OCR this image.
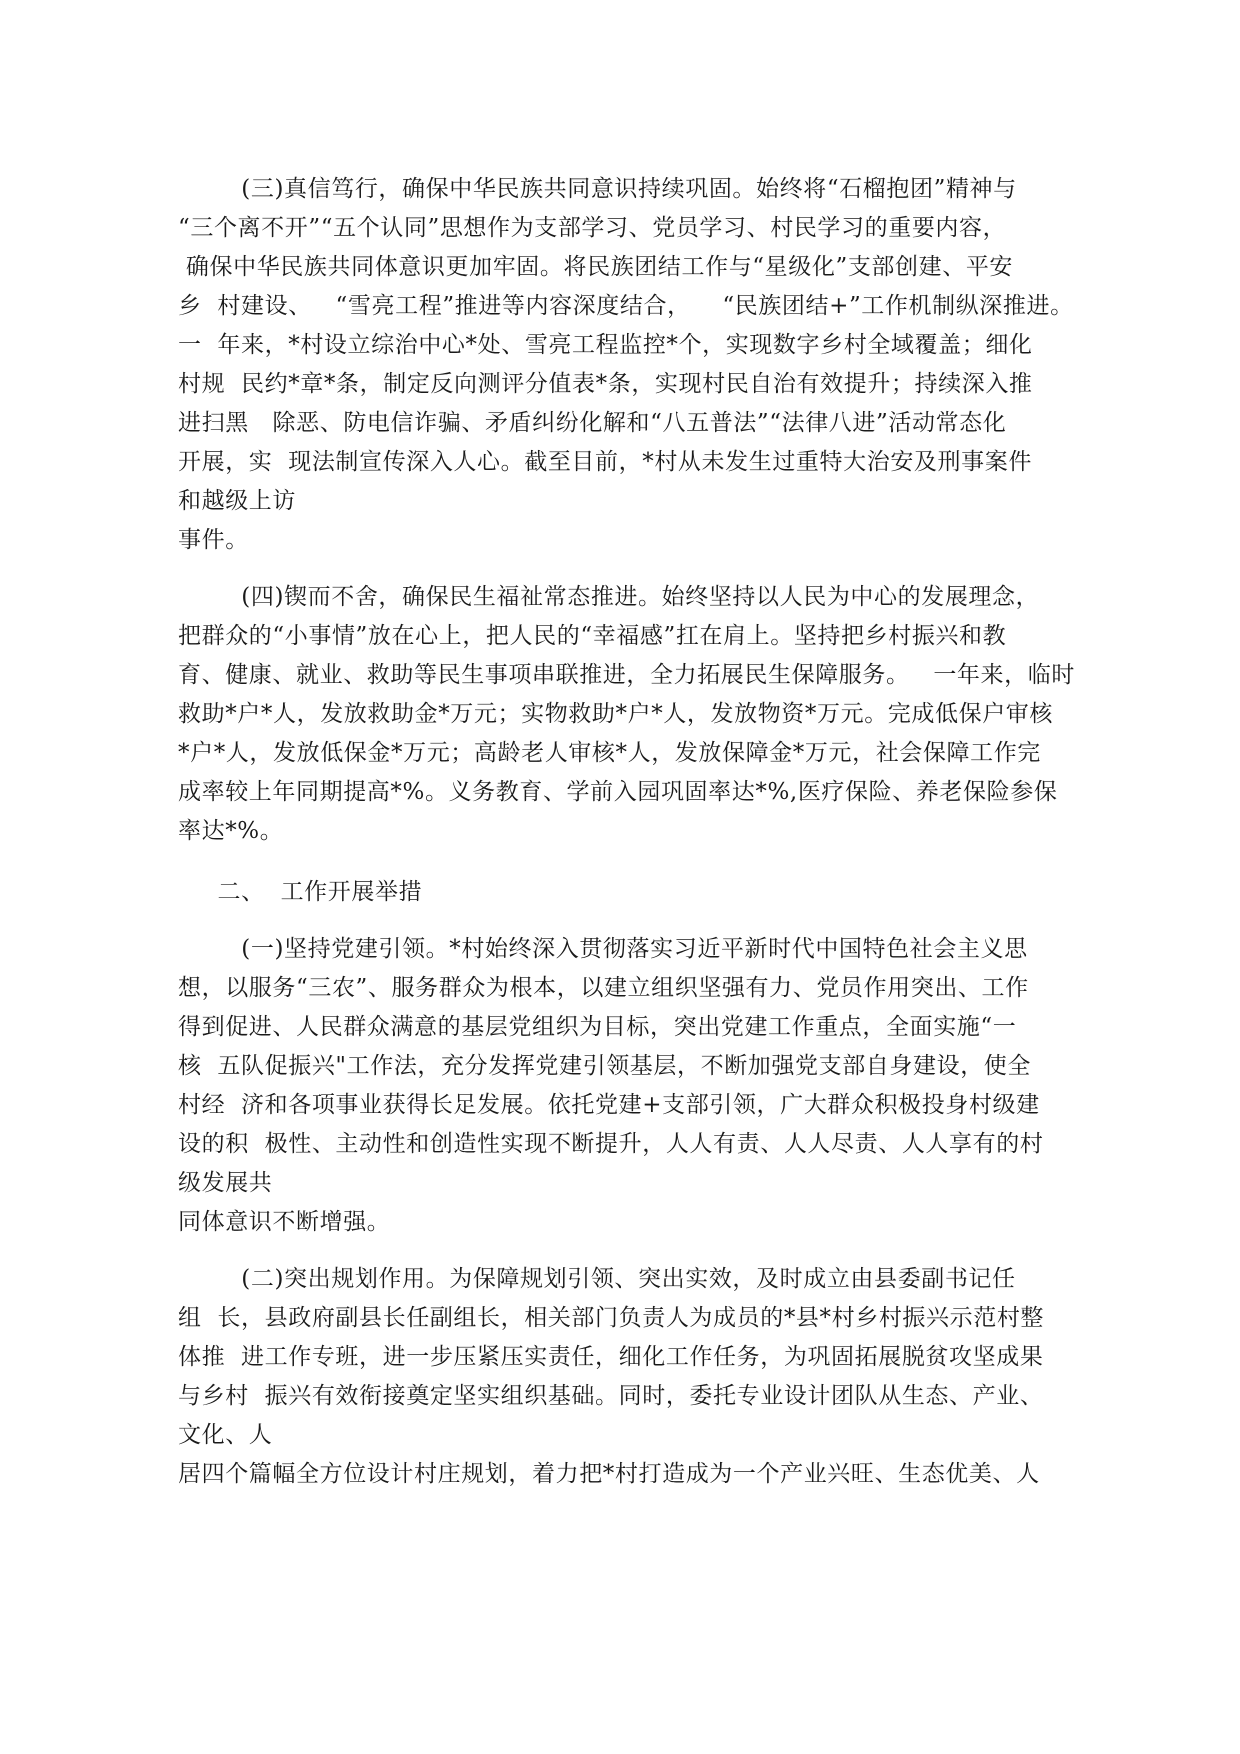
(三)真信笃行，确保中华民族共同意识持续巩固。始终将“石榴抱团”精神与
“三个离不开”“五个认同”思想作为支部学习、党员学习、村民学习的重要内容，
确保中华民族共同体意识更加牢固。将民族团结工作与“星级化”支部创建、平安
乡  村建设、   “雪亮工程”推进等内容深度结合，    “民族团结+”工作机制纵深推进。
一  年来，*村设立综治中心*处、雪亮工程监控*个，实现数字乡村全域覆盖；细化
村规  民约*章*条，制定反向测评分值表*条，实现村民自治有效提升；持续深入推
进扫黑   除恶、防电信诈骗、矛盾纠纷化解和“八五普法”“法律八进”活动常态化
开展，实  现法制宣传深入人心。截至目前，*村从未发生过重特大治安及刑事案件
和越级上访
事件。
(四)锲而不舍，确保民生福祉常态推进。始终坚持以人民为中心的发展理念，
把群众的“小事情”放在心上，把人民的“幸福感”扛在肩上。坚持把乡村振兴和教
育、健康、就业、救助等民生事项串联推进，全力拓展民生保障服务。   一年来，临时
救助*户*人，发放救助金*万元；实物救助*户*人，发放物资*万元。完成低保户审核
*户*人，发放低保金*万元；高龄老人审核*人，发放保障金*万元，社会保障工作完
成率较上年同期提高*%。义务教育、学前入园巩固率达*%,医疗保险、养老保险参保
率达*%。
二、  工作开展举措
(一)坚持党建引领。*村始终深入贯彻落实习近平新时代中国特色社会主义思
想，以服务“三农”、服务群众为根本，以建立组织坚强有力、党员作用突出、工作
得到促进、人民群众满意的基层党组织为目标，突出党建工作重点，全面实施“一
核  五队促振兴"工作法，充分发挥党建引领基层，不断加强党支部自身建设，使全
村经  济和各项事业获得长足发展。依托党建+支部引领，广大群众积极投身村级建
设的积  极性、主动性和创造性实现不断提升，人人有责、人人尽责、人人享有的村
级发展共
同体意识不断增强。
(二)突出规划作用。为保障规划引领、突出实效，及时成立由县委副书记任
组  长，县政府副县长任副组长，相关部门负责人为成员的*县*村乡村振兴示范村整
体推  进工作专班，进一步压紧压实责任，细化工作任务，为巩固拓展脱贫攻坚成果
与乡村  振兴有效衔接奠定坚实组织基础。同时，委托专业设计团队从生态、产业、
文化、人
居四个篇幅全方位设计村庄规划，着力把*村打造成为一个产业兴旺、生态优美、人
